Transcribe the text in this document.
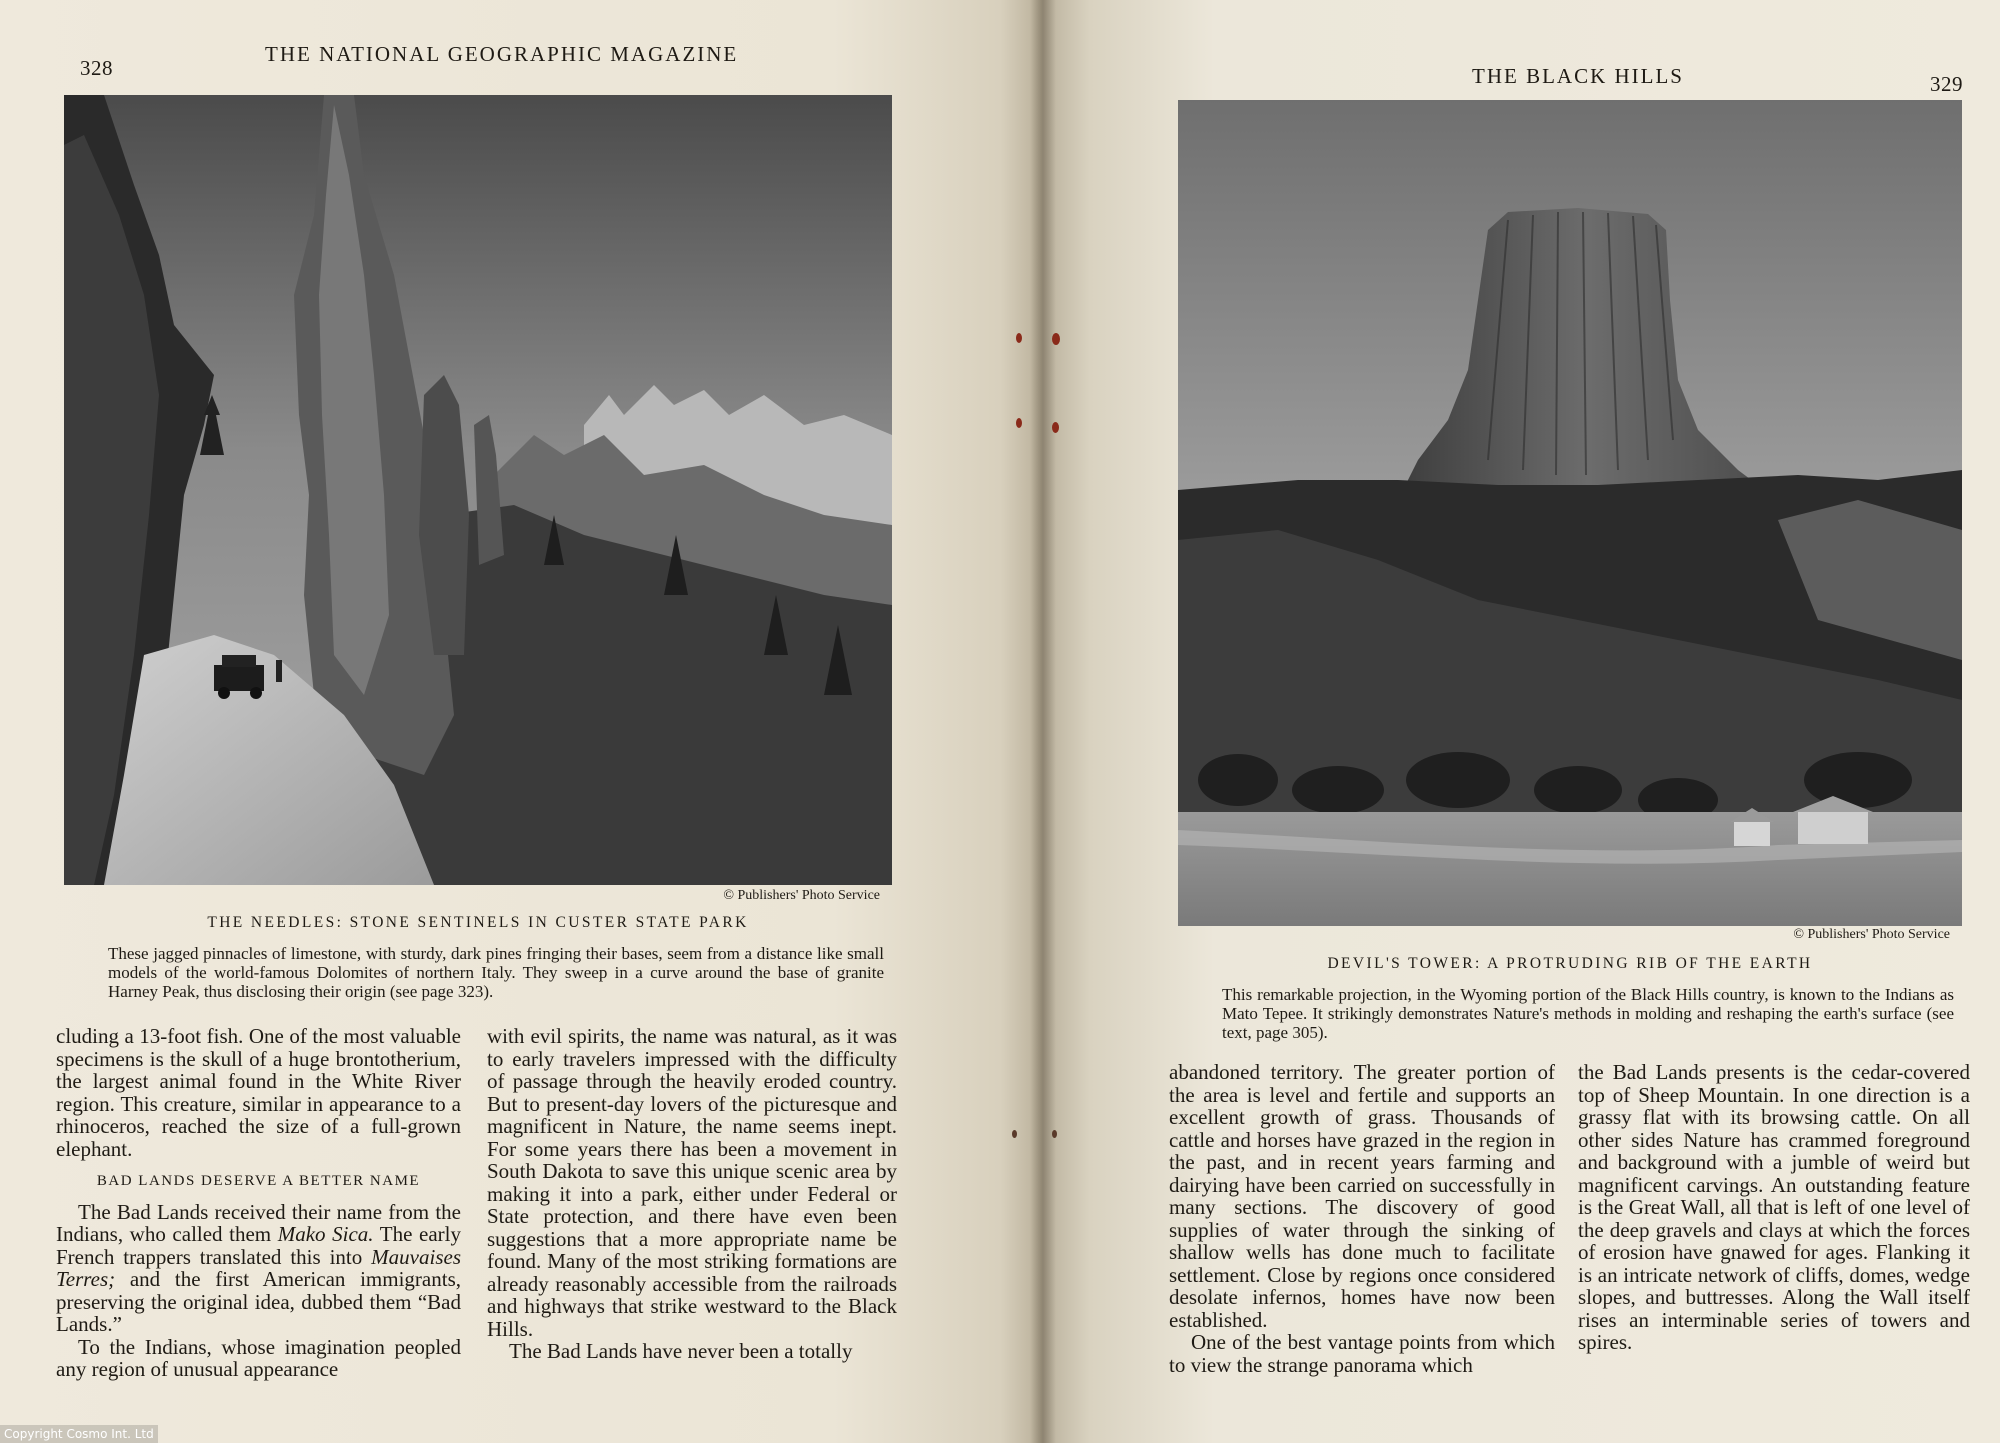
328
THE NATIONAL GEOGRAPHIC MAGAZINE
© Publishers' Photo Service
THE NEEDLES: STONE SENTINELS IN CUSTER STATE PARK
These jagged pinnacles of limestone, with sturdy, dark pines fringing their bases, seem from a distance like small models of the world-famous Dolomites of northern Italy. They sweep in a curve around the base of granite Harney Peak, thus disclosing their origin (see page 323).

cluding a 13-foot fish. One of the most valuable specimens is the skull of a huge brontotherium, the largest animal found in the White River region. This creature, similar in appearance to a rhinoceros, reached the size of a full-grown elephant.

BAD LANDS DESERVE A BETTER NAME

The Bad Lands received their name from the Indians, who called them Mako Sica. The early French trappers translated this into Mauvaises Terres; and the first American immigrants, preserving the original idea, dubbed them “Bad Lands.”

To the Indians, whose imagination peopled any region of unusual appearance

with evil spirits, the name was natural, as it was to early travelers impressed with the difficulty of passage through the heavily eroded country. But to present-day lovers of the picturesque and magnificent in Nature, the name seems inept. For some years there has been a movement in South Dakota to save this unique scenic area by making it into a park, either under Federal or State protection, and there have even been suggestions that a more appropriate name be found. Many of the most striking formations are already reasonably accessible from the railroads and highways that strike westward to the Black Hills.

The Bad Lands have never been a totally

Copyright Cosmo Int. Ltd
THE BLACK HILLS	329
© Publishers' Photo Service
DEVIL'S TOWER: A PROTRUDING RIB OF THE EARTH
This remarkable projection, in the Wyoming portion of the Black Hills country, is known to the Indians as Mato Tepee. It strikingly demonstrates Nature's methods in molding and reshaping the earth's surface (see text, page 305).

abandoned territory. The greater portion of the area is level and fertile and supports an excellent growth of grass. Thousands of cattle and horses have grazed in the region in the past, and in recent years farming and dairying have been carried on successfully in many sections. The discovery of good supplies of water through the sinking of shallow wells has done much to facilitate settlement. Close by regions once considered desolate infernos, homes have now been established.

One of the best vantage points from which to view the strange panorama which

the Bad Lands presents is the cedar-covered top of Sheep Mountain. In one direction is a grassy flat with its browsing cattle. On all other sides Nature has crammed foreground and background with a jumble of weird but magnificent carvings. An outstanding feature is the Great Wall, all that is left of one level of the deep gravels and clays at which the forces of erosion have gnawed for ages. Flanking it is an intricate network of cliffs, domes, wedge slopes, and buttresses. Along the Wall itself rises an interminable series of towers and spires.
